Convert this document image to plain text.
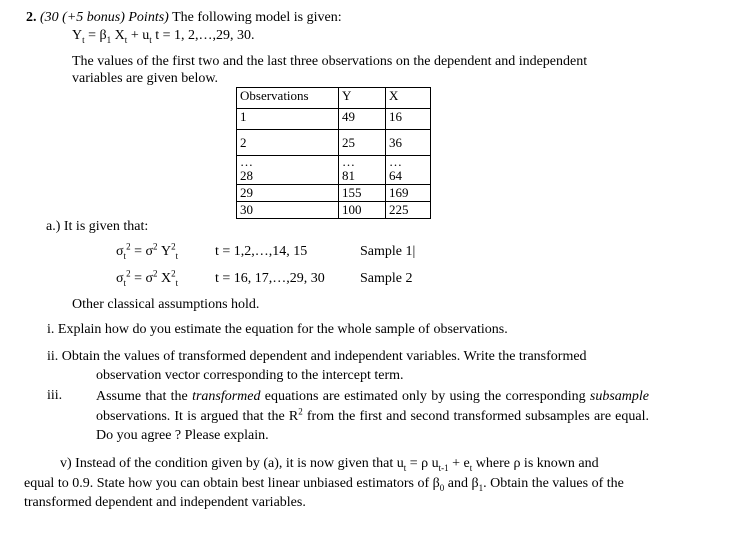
2. (30 (+5 bonus) Points) The following model is given:
$Y_t = \beta_1$ $X_t + u_t$ t = 1, 2,…,29, 30.
The values of the first two and the last three observations on the dependent and independent
variables are given below.
Observations	Y	X
1	49	16
2	25	36
…	…	…
28	81	64
29	155	169
30	100	225
a.) It is given that:
$\sigma_t^2 = \sigma^2$ $Y^2_t$	t = 1,2,…,14, 15	Sample 1|
$\sigma_t^2 = \sigma^2$ $X^2_t$	t = 16, 17,…,29, 30	Sample 2
Other classical assumptions hold.
i. Explain how do you estimate the equation for the whole sample of observations.
ii. Obtain the values of transformed dependent and independent variables. Write the transformed
observation vector corresponding to the intercept term.
iii. Assume that the transformed equations are estimated only by using the corresponding subsample observations. It is argued that the $R^2$ from the first and second transformed subsamples are equal. Do you agree ? Please explain.
v) Instead of the condition given by (a), it is now given that $u_t = \rho$ $u_{t-1} + e_t$ where ρ is known and
equal to 0.9. State how you can obtain best linear unbiased estimators of $\beta_0$ and $\beta_1$. Obtain the values of the
transformed dependent and independent variables.
